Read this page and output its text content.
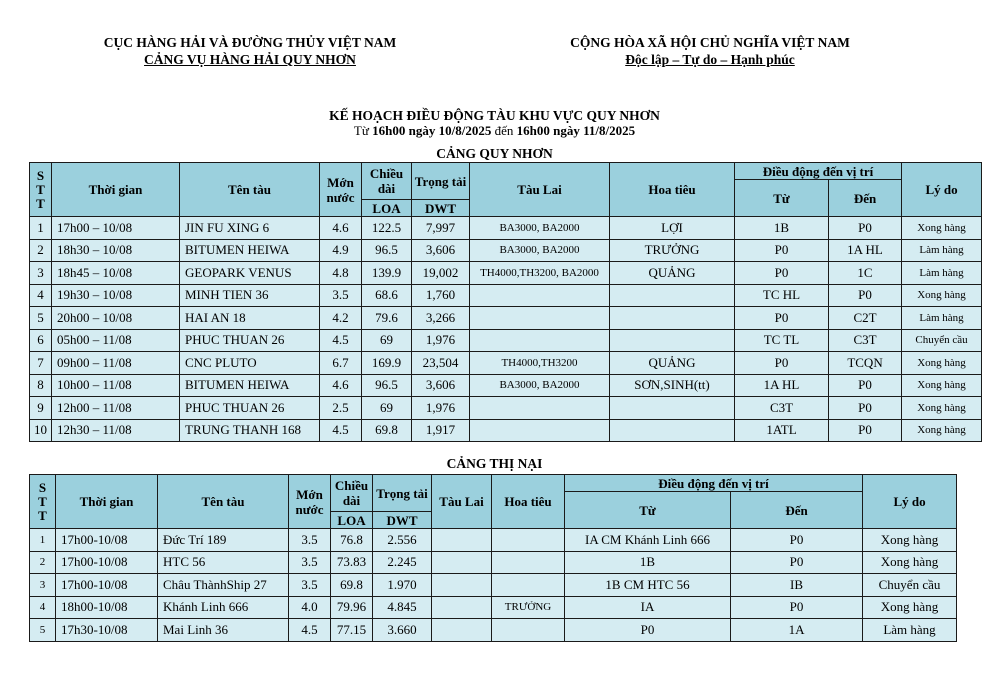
CỤC HÀNG HẢI VÀ ĐƯỜNG THỦY VIỆT NAM
CẢNG VỤ HÀNG HẢI QUY NHƠN
CỘNG HÒA XÃ HỘI CHỦ NGHĨA VIỆT NAM
Độc lập – Tự do – Hạnh phúc
KẾ HOẠCH ĐIỀU ĐỘNG TÀU KHU VỰC QUY NHƠN
Từ 16h00 ngày 10/8/2025 đến 16h00 ngày 11/8/2025
CẢNG QUY NHƠN
S
T
T	Thời gian	Tên tàu	Mớn nước	Chiều dài	Trọng tải	Tàu Lai	Hoa tiêu	Điều động đến vị trí		Lý do
								Từ	Đến	
				LOA	DWT					
1	17h00 – 10/08	JIN FU XING 6	4.6	122.5	7,997	BA3000, BA2000	LỢI	1B	P0	Xong hàng
2	18h30 – 10/08	BITUMEN HEIWA	4.9	96.5	3,606	BA3000, BA2000	TRƯỞNG	P0	1A HL	Làm hàng
3	18h45 – 10/08	GEOPARK VENUS	4.8	139.9	19,002	TH4000,TH3200, BA2000	QUẢNG	P0	1C	Làm hàng
4	19h30 – 10/08	MINH TIEN 36	3.5	68.6	1,760			TC HL	P0	Xong hàng
5	20h00 – 10/08	HAI AN 18	4.2	79.6	3,266			P0	C2T	Làm hàng
6	05h00 – 11/08	PHUC THUAN 26	4.5	69	1,976			TC TL	C3T	Chuyển cầu
7	09h00 – 11/08	CNC PLUTO	6.7	169.9	23,504	TH4000,TH3200	QUẢNG	P0	TCQN	Xong hàng
8	10h00 – 11/08	BITUMEN HEIWA	4.6	96.5	3,606	BA3000, BA2000	SƠN,SINH(tt)	1A HL	P0	Xong hàng
9	12h00 – 11/08	PHUC THUAN 26	2.5	69	1,976			C3T	P0	Xong hàng
10	12h30 – 11/08	TRUNG THANH 168	4.5	69.8	1,917			1ATL	P0	Xong hàng
CẢNG THỊ NẠI
S
T
T	Thời gian	Tên tàu	Mớn nước	Chiều dài	Trọng tải	Tàu Lai	Hoa tiêu	Điều động đến vị trí		Lý do
								Từ	Đến	
				LOA	DWT					
1	17h00-10/08	Đức Trí 189	3.5	76.8	2.556			IA CM Khánh Linh 666	P0	Xong hàng
2	17h00-10/08	HTC 56	3.5	73.83	2.245			1B	P0	Xong hàng
3	17h00-10/08	Châu ThànhShip 27	3.5	69.8	1.970			1B CM HTC 56	IB	Chuyển cầu
4	18h00-10/08	Khánh Linh 666	4.0	79.96	4.845		TRƯỞNG	IA	P0	Xong hàng
5	17h30-10/08	Mai Linh 36	4.5	77.15	3.660			P0	1A	Làm hàng
